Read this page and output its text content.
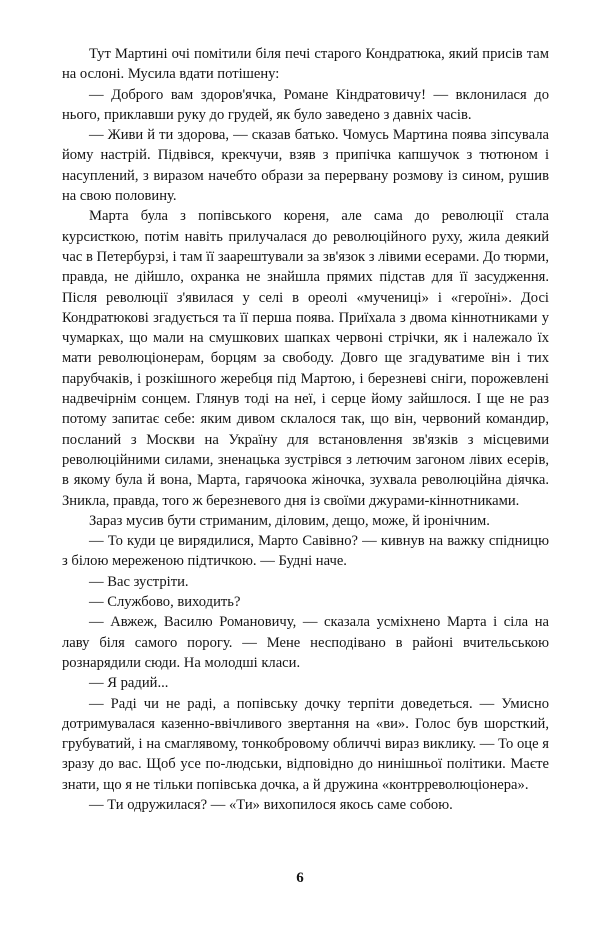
Тут Мартині очі помітили біля печі старого Кондратюка, який присів там на ослоні. Мусила вдати потішену:

— Доброго вам здоров'ячка, Романе Кіндратовичу! — вклонилася до нього, приклавши руку до грудей, як було заведено з давніх часів.

— Живи й ти здорова, — сказав батько. Чомусь Мартина поява зіпсувала йому настрій. Підвівся, крекчучи, взяв з припічка капшучок з тютюном і насуплений, з виразом начебто образи за перервану розмову із сином, рушив на свою половину.

Марта була з попівського кореня, але сама до революції стала курсисткою, потім навіть прилучалася до революційного руху, жила деякий час в Петербурзі, і там її заарештували за зв'язок з лівими есерами. До тюрми, правда, не дійшло, охранка не знайшла прямих підстав для її засудження. Після революції з'явилася у селі в ореолі «мучениці» і «героїні». Досі Кондратюкові згадується та її перша поява. Приїхала з двома кіннотниками у чумарках, що мали на смушкових шапках червоні стрічки, як і належало їх мати революціонерам, борцям за свободу. Довго ще згадуватиме він і тих парубчаків, і розкішного жеребця під Мартою, і березневі сніги, порожевлені надвечірнім сонцем. Глянув тоді на неї, і серце йому зайшлося. І ще не раз потому запитає себе: яким дивом склалося так, що він, червоний командир, посланий з Москви на Україну для встановлення зв'язків з місцевими революційними силами, зненацька зустрівся з летючим загоном лівих есерів, в якому була й вона, Марта, гарячоока жіночка, зухвала революційна діячка. Зникла, правда, того ж березневого дня із своїми джурами-кіннотниками.

Зараз мусив бути стриманим, діловим, дещо, може, й іронічним.

— То куди це вирядилися, Марто Савівно? — кивнув на важку спідницю з білою мереженою підтичкою. — Будні наче.

— Вас зустріти.

— Службово, виходить?

— Авжеж, Василю Романовичу, — сказала усміхнено Марта і сіла на лаву біля самого порогу. — Мене несподівано в районі вчительською рознарядили сюди. На молодші класи.

— Я радий...

— Раді чи не раді, а попівську дочку терпіти доведеться. — Умисно дотримувалася казенно-ввічливого звертання на «ви». Голос був шорсткий, грубуватий, і на смаглявому, тонкобровому обличчі вираз виклику. — То оце я зразу до вас. Щоб усе по-людськи, відповідно до нинішньої політики. Маєте знати, що я не тільки попівська дочка, а й дружина «контрреволюціонера».

— Ти одружилася? — «Ти» вихопилося якось саме собою.

6
